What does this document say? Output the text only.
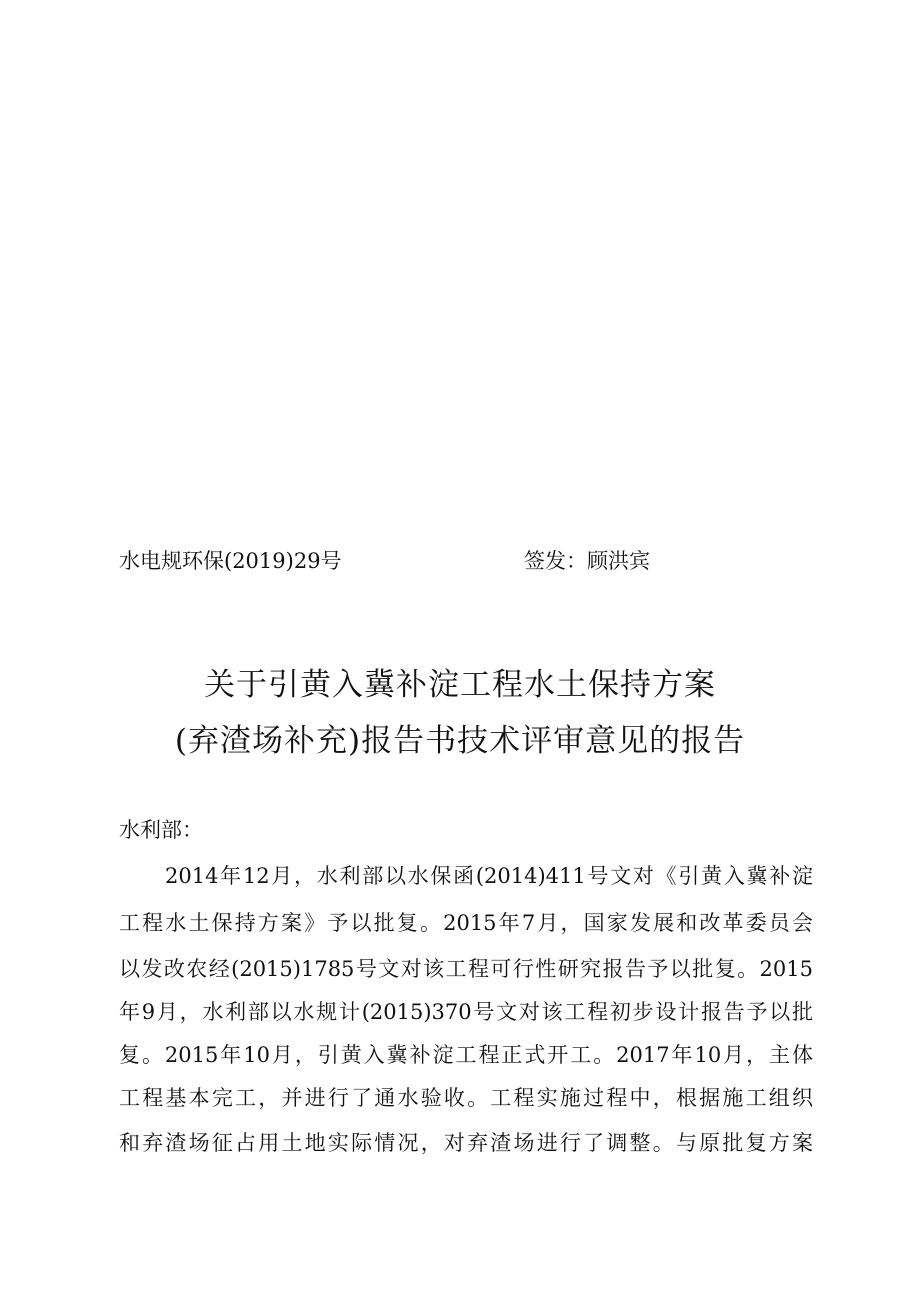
水电规环保(2019)29号	签发：顾洪宾
关于引黄入冀补淀工程水土保持方案
(弃渣场补充)报告书技术评审意见的报告
水利部：
2014年12月，水利部以水保函(2014)411号文对《引黄入冀补淀
工程水土保持方案》予以批复。2015年7月，国家发展和改革委员会
以发改农经(2015)1785号文对该工程可行性研究报告予以批复。2015
年9月，水利部以水规计(2015)370号文对该工程初步设计报告予以批
复。2015年10月，引黄入冀补淀工程正式开工。2017年10月，主体
工程基本完工，并进行了通水验收。工程实施过程中，根据施工组织
和弃渣场征占用土地实际情况，对弃渣场进行了调整。与原批复方案
